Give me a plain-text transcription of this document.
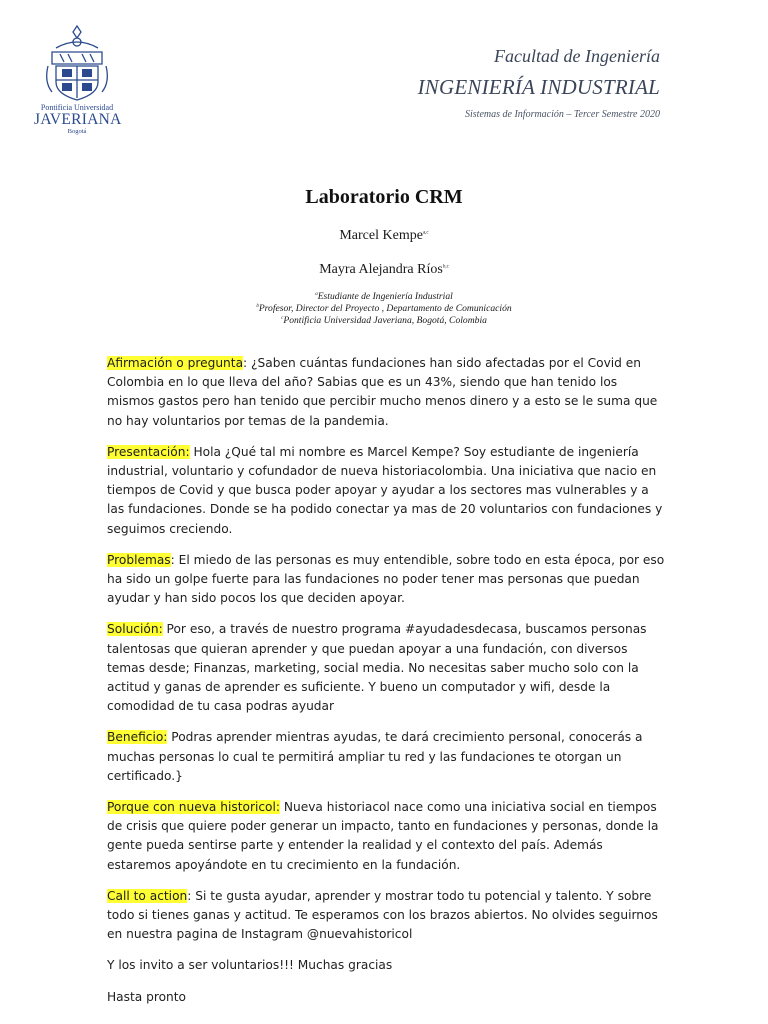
Pontificia Universidad
JAVERIANA
Bogotá
Facultad de Ingeniería
INGENIERÍA INDUSTRIAL
Sistemas de Información – Tercer Semestre 2020
Laboratorio CRM
Marcel Kempe$^{a,c}$
Mayra Alejandra Ríos$^{b,c}$
$^a$Estudiante de Ingeniería Industrial
$^b$Profesor, Director del Proyecto , Departamento de Comunicación
$^c$Pontificia Universidad Javeriana, Bogotá, Colombia

Afirmación o pregunta: ¿Saben cuántas fundaciones han sido afectadas por el Covid en Colombia en lo que lleva del año? Sabias que es un 43%, siendo que han tenido los mismos gastos pero han tenido que percibir mucho menos dinero y a esto se le suma que no hay voluntarios por temas de la pandemia.

Presentación: Hola ¿Qué tal mi nombre es Marcel Kempe? Soy estudiante de ingeniería industrial, voluntario y cofundador de nueva historiacolombia. Una iniciativa que nacio en tiempos de Covid y que busca poder apoyar y ayudar a los sectores mas vulnerables y a las fundaciones. Donde se ha podido conectar ya mas de 20 voluntarios con fundaciones y seguimos creciendo.

Problemas: El miedo de las personas es muy entendible, sobre todo en esta época, por eso ha sido un golpe fuerte para las fundaciones no poder tener mas personas que puedan ayudar y han sido pocos los que deciden apoyar.

Solución: Por eso, a través de nuestro programa #ayudadesdecasa, buscamos personas talentosas que quieran aprender y que puedan apoyar a una fundación, con diversos temas desde; Finanzas, marketing, social media. No necesitas saber mucho solo con la actitud y ganas de aprender es suficiente. Y bueno un computador y wifi, desde la comodidad de tu casa podras ayudar

Beneficio: Podras aprender mientras ayudas, te dará crecimiento personal, conocerás a muchas personas lo cual te permitirá ampliar tu red y las fundaciones te otorgan un certificado.}

Porque con nueva historicol: Nueva historiacol nace como una iniciativa social en tiempos de crisis que quiere poder generar un impacto, tanto en fundaciones y personas, donde la gente pueda sentirse parte y entender la realidad y el contexto del país. Además estaremos apoyándote en tu crecimiento en la fundación.

Call to action: Si te gusta ayudar, aprender y mostrar todo tu potencial y talento. Y sobre todo si tienes ganas y actitud. Te esperamos con los brazos abiertos. No olvides seguirnos en nuestra pagina de Instagram @nuevahistoricol

Y los invito a ser voluntarios!!! Muchas gracias

Hasta pronto
